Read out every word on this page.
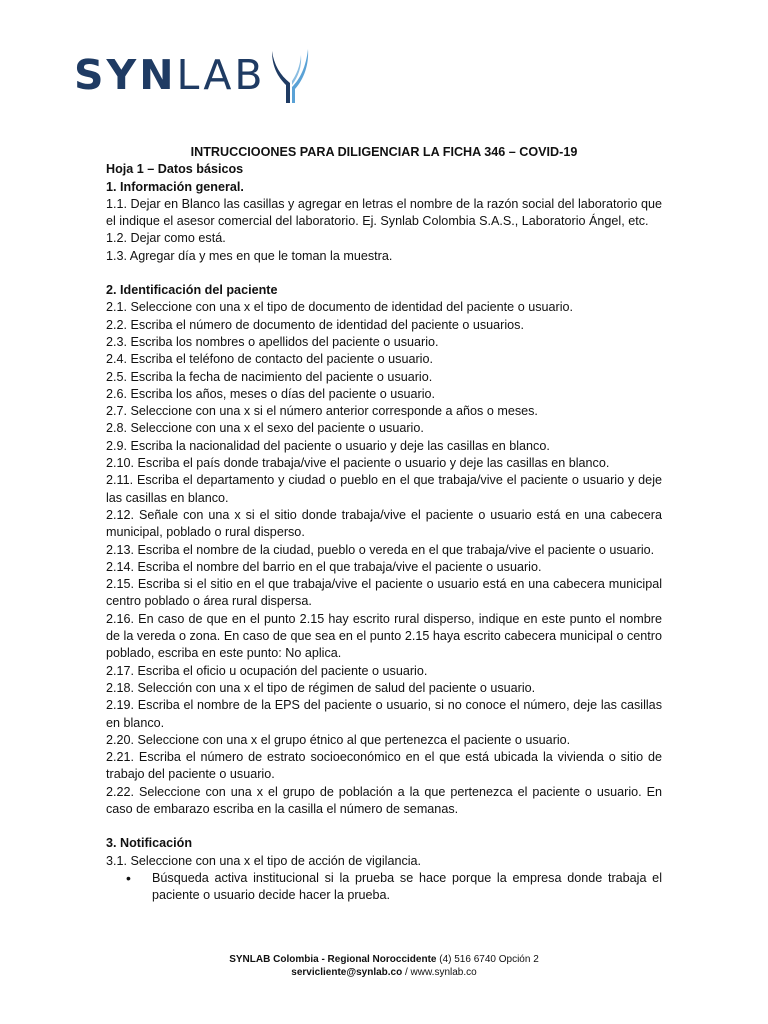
SYNLAB

INTRUCCIOONES PARA DILIGENCIAR LA FICHA 346 – COVID-19

Hoja 1 – Datos básicos

1. Información general.

1.1. Dejar en Blanco las casillas y agregar en letras el nombre de la razón social del laboratorio que el indique el asesor comercial del laboratorio. Ej. Synlab Colombia S.A.S., Laboratorio Ángel, etc.

1.2. Dejar como está.

1.3. Agregar día y mes en que le toman la muestra.

2. Identificación del paciente

2.1. Seleccione con una x el tipo de documento de identidad del paciente o usuario.

2.2. Escriba el número de documento de identidad del paciente o usuarios.

2.3. Escriba los nombres o apellidos del paciente o usuario.

2.4. Escriba el teléfono de contacto del paciente o usuario.

2.5. Escriba la fecha de nacimiento del paciente o usuario.

2.6. Escriba los años, meses o días del paciente o usuario.

2.7. Seleccione con una x si el número anterior corresponde a años o meses.

2.8. Seleccione con una x el sexo del paciente o usuario.

2.9. Escriba la nacionalidad del paciente o usuario y deje las casillas en blanco.

2.10. Escriba el país donde trabaja/vive el paciente o usuario y deje las casillas en blanco.

2.11. Escriba el departamento y ciudad o pueblo en el que trabaja/vive el paciente o usuario y deje las casillas en blanco.

2.12. Señale con una x si el sitio donde trabaja/vive el paciente o usuario está en una cabecera municipal, poblado o rural disperso.

2.13. Escriba el nombre de la ciudad, pueblo o vereda en el que trabaja/vive el paciente o usuario.

2.14. Escriba el nombre del barrio en el que trabaja/vive el paciente o usuario.

2.15. Escriba si el sitio en el que trabaja/vive el paciente o usuario está en una cabecera municipal centro poblado o área rural dispersa.

2.16. En caso de que en el punto 2.15 hay escrito rural disperso, indique en este punto el nombre de la vereda o zona. En caso de que sea en el punto 2.15 haya escrito cabecera municipal o centro poblado, escriba en este punto: No aplica.

2.17. Escriba el oficio u ocupación del paciente o usuario.

2.18. Selección con una x el tipo de régimen de salud del paciente o usuario.

2.19. Escriba el nombre de la EPS del paciente o usuario, si no conoce el número, deje las casillas en blanco.

2.20. Seleccione con una x el grupo étnico al que pertenezca el paciente o usuario.

2.21. Escriba el número de estrato socioeconómico en el que está ubicada la vivienda o sitio de trabajo del paciente o usuario.

2.22. Seleccione con una x el grupo de población a la que pertenezca el paciente o usuario. En caso de embarazo escriba en la casilla el número de semanas.

3. Notificación

3.1. Seleccione con una x el tipo de acción de vigilancia.

•	Búsqueda activa institucional si la prueba se hace porque la empresa donde trabaja el paciente o usuario decide hacer la prueba.
SYNLAB Colombia - Regional Noroccidente (4) 516 6740 Opción 2
servicliente@synlab.co / www.synlab.co
